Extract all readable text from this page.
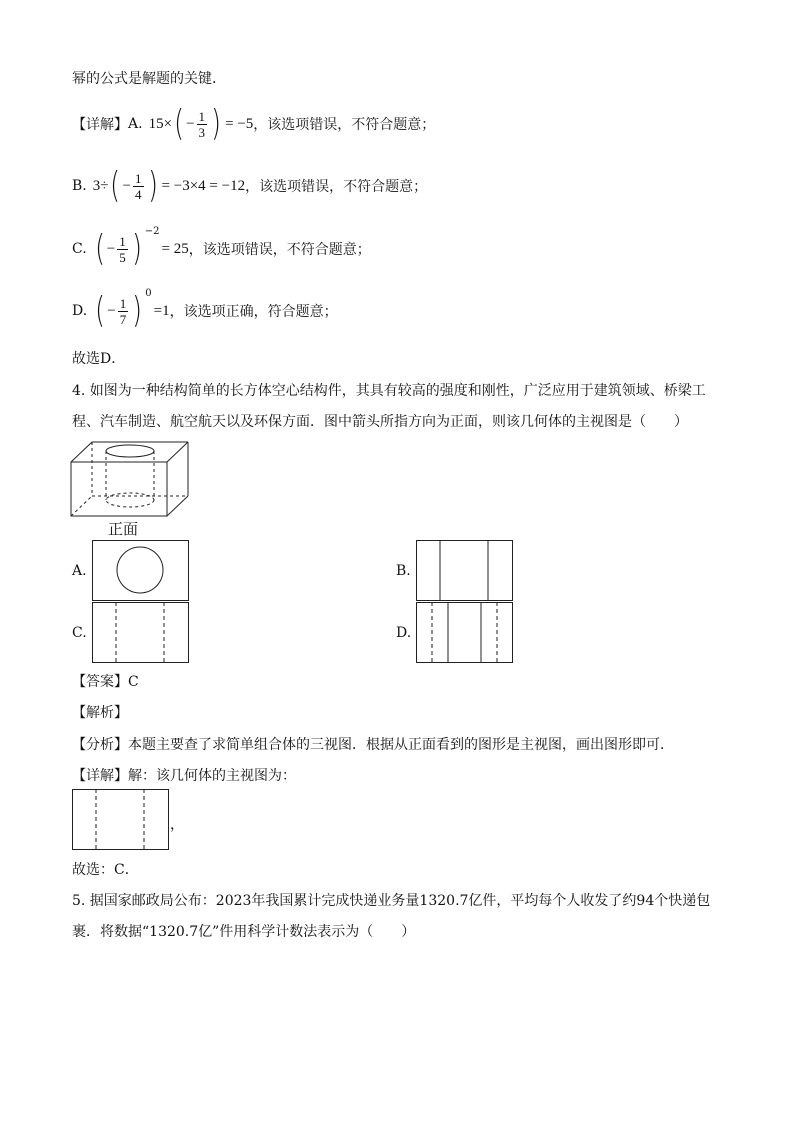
幂的公式是解题的关键．
【详解】 A. 15× ( − $\frac{1}{3}$ ) = −5 ，该选项错误，不符合题意；
B. 3÷ ( − $\frac{1}{4}$ ) = −3×4 = −12 ，该选项错误，不符合题意；
C. ( − $\frac{1}{5}$ ) −2
= 25 ，该选项错误，不符合题意；
D. ( − $\frac{1}{7}$ ) 0
=1 ，该选项正确，符合题意；
故选D．
4. 如图为一种结构简单的长方体空心结构件，其具有较高的强度和刚性，广泛应用于建筑领域、桥梁工
程、汽车制造、航空航天以及环保方面．图中箭头所指方向为正面，则该几何体的主视图是（　　）
正面
A.	B.
C.	D.
【答案】C
【解析】
【分析】本题主要查了求简单组合体的三视图．根据从正面看到的图形是主视图，画出图形即可．
【详解】解：该几何体的主视图为：
，
故选：C．
5. 据国家邮政局公布：2023年我国累计完成快递业务量1320.7亿件，平均每个人收发了约94个快递包
裹．将数据“1320.7亿”件用科学计数法表示为（　　）
